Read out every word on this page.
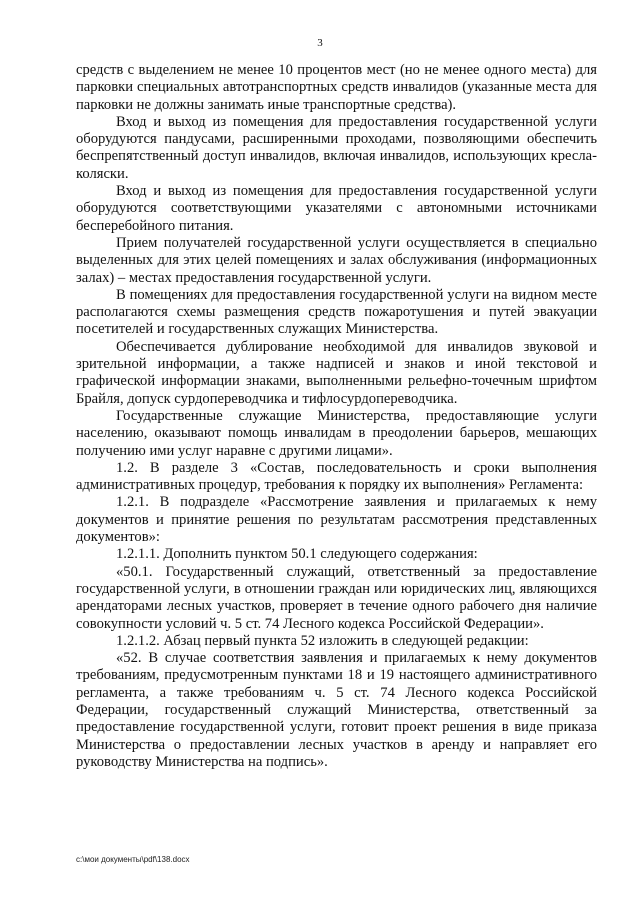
3

средств с выделением не менее 10 процентов мест (но не менее одного места) для парковки специальных автотранспортных средств инвалидов (указанные места для парковки не должны занимать иные транспортные средства).

Вход и выход из помещения для предоставления государственной услуги оборудуются пандусами, расширенными проходами, позволяющими обеспечить беспрепятственный доступ инвалидов, включая инвалидов, использующих кресла-коляски.

Вход и выход из помещения для предоставления государственной услуги оборудуются соответствующими указателями с автономными источниками бесперебойного питания.

Прием получателей государственной услуги осуществляется в специально выделенных для этих целей помещениях и залах обслуживания (информационных залах) – местах предоставления государственной услуги.

В помещениях для предоставления государственной услуги на видном месте располагаются схемы размещения средств пожаротушения и путей эвакуации посетителей и государственных служащих Министерства.

Обеспечивается дублирование необходимой для инвалидов звуковой и зрительной информации, а также надписей и знаков и иной текстовой и графической информации знаками, выполненными рельефно-точечным шрифтом Брайля, допуск сурдопереводчика и тифлосурдопереводчика.

Государственные служащие Министерства, предоставляющие услуги населению, оказывают помощь инвалидам в преодолении барьеров, мешающих получению ими услуг наравне с другими лицами».

1.2. В разделе 3 «Состав, последовательность и сроки выполнения административных процедур, требования к порядку их выполнения» Регламента:

1.2.1. В подразделе «Рассмотрение заявления и прилагаемых к нему документов и принятие решения по результатам рассмотрения представленных документов»:

1.2.1.1. Дополнить пунктом 50.1 следующего содержания:

«50.1. Государственный служащий, ответственный за предоставление государственной услуги, в отношении граждан или юридических лиц, являющихся арендаторами лесных участков, проверяет в течение одного рабочего дня наличие совокупности условий ч. 5 ст. 74 Лесного кодекса Российской Федерации».

1.2.1.2. Абзац первый пункта 52 изложить в следующей редакции:

«52. В случае соответствия заявления и прилагаемых к нему документов требованиям, предусмотренным пунктами 18 и 19 настоящего административного регламента, а также требованиям ч. 5 ст. 74 Лесного кодекса Российской Федерации, государственный служащий Министерства, ответственный за предоставление государственной услуги, готовит проект решения в виде приказа Министерства о предоставлении лесных участков в аренду и направляет его руководству Министерства на подпись».

c:\мои документы\pdf\138.docx
